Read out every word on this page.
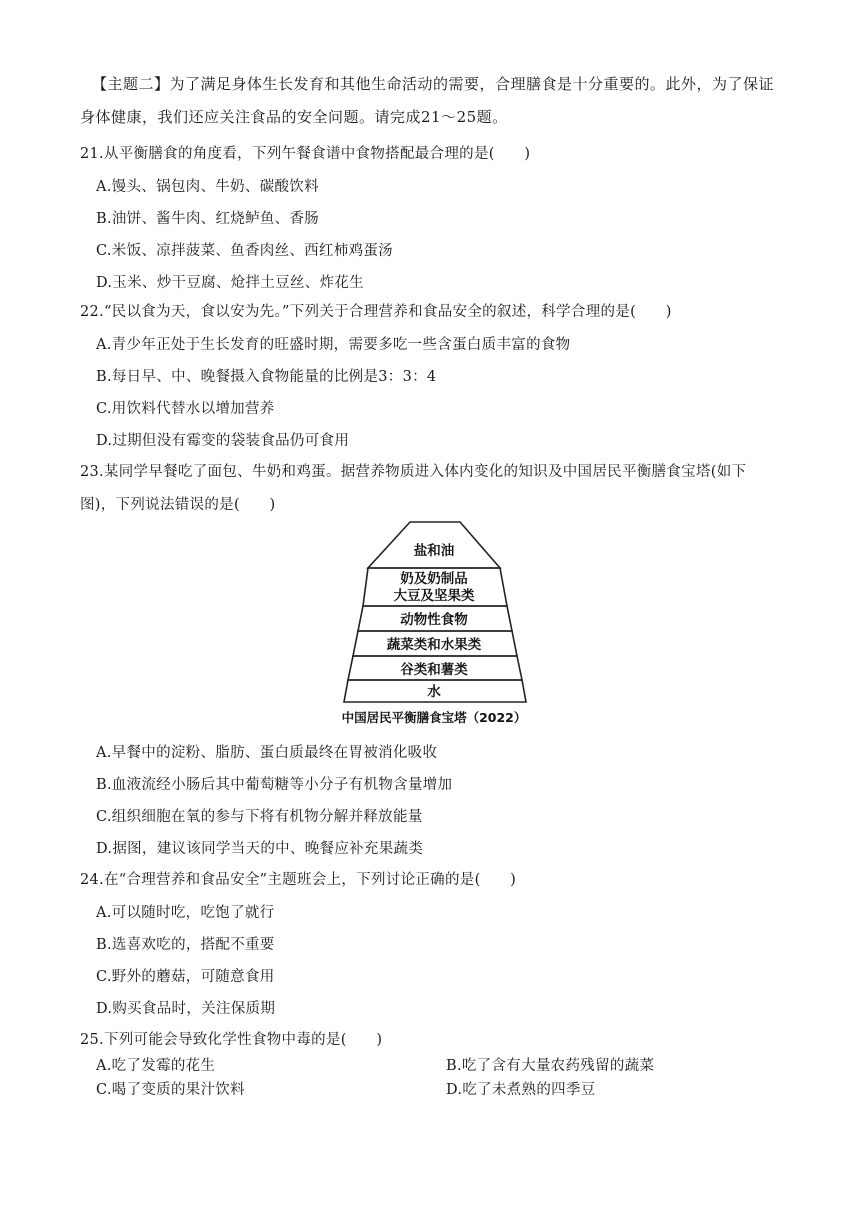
【主题二】为了满足身体生长发育和其他生命活动的需要，合理膳食是十分重要的。此外，为了保证
身体健康，我们还应关注食品的安全问题。请完成21～25题。
21.从平衡膳食的角度看，下列午餐食谱中食物搭配最合理的是(　　)
A.馒头、锅包肉、牛奶、碳酸饮料
B.油饼、酱牛肉、红烧鲈鱼、香肠
C.米饭、凉拌菠菜、鱼香肉丝、西红柿鸡蛋汤
D.玉米、炒干豆腐、炝拌土豆丝、炸花生
22.“民以食为天，食以安为先。”下列关于合理营养和食品安全的叙述，科学合理的是(　　)
A.青少年正处于生长发育的旺盛时期，需要多吃一些含蛋白质丰富的食物
B.每日早、中、晚餐摄入食物能量的比例是3：3：4
C.用饮料代替水以增加营养
D.过期但没有霉变的袋装食品仍可食用
23.某同学早餐吃了面包、牛奶和鸡蛋。据营养物质进入体内变化的知识及中国居民平衡膳食宝塔(如下
图)，下列说法错误的是(　　)
盐和油
奶及奶制品
大豆及坚果类
动物性食物
蔬菜类和水果类
谷类和薯类
水
中国居民平衡膳食宝塔（2022）
A.早餐中的淀粉、脂肪、蛋白质最终在胃被消化吸收
B.血液流经小肠后其中葡萄糖等小分子有机物含量增加
C.组织细胞在氧的参与下将有机物分解并释放能量
D.据图，建议该同学当天的中、晚餐应补充果蔬类
24.在“合理营养和食品安全”主题班会上，下列讨论正确的是(　　)
A.可以随时吃，吃饱了就行
B.选喜欢吃的，搭配不重要
C.野外的蘑菇，可随意食用
D.购买食品时，关注保质期
25.下列可能会导致化学性食物中毒的是(　　)
A.吃了发霉的花生	B.吃了含有大量农药残留的蔬菜
C.喝了变质的果汁饮料	D.吃了未煮熟的四季豆
